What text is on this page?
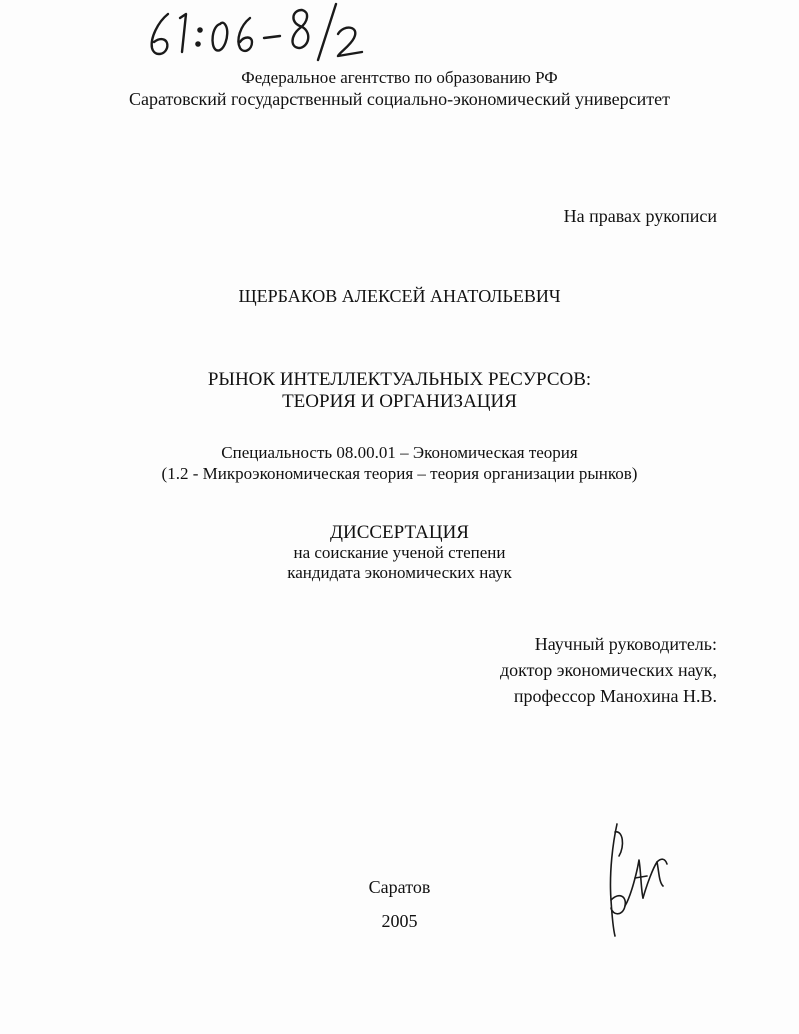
Федеральное агентство по образованию РФ
Саратовский государственный социально-экономический университет
На правах рукописи
ЩЕРБАКОВ АЛЕКСЕЙ АНАТОЛЬЕВИЧ
РЫНОК ИНТЕЛЛЕКТУАЛЬНЫХ РЕСУРСОВ:
ТЕОРИЯ И ОРГАНИЗАЦИЯ
Специальность 08.00.01 – Экономическая теория
(1.2 - Микроэкономическая теория – теория организации рынков)
ДИССЕРТАЦИЯ
на соискание ученой степени
кандидата экономических наук
Научный руководитель:
доктор экономических наук,
профессор Манохина Н.В.
Саратов
2005
